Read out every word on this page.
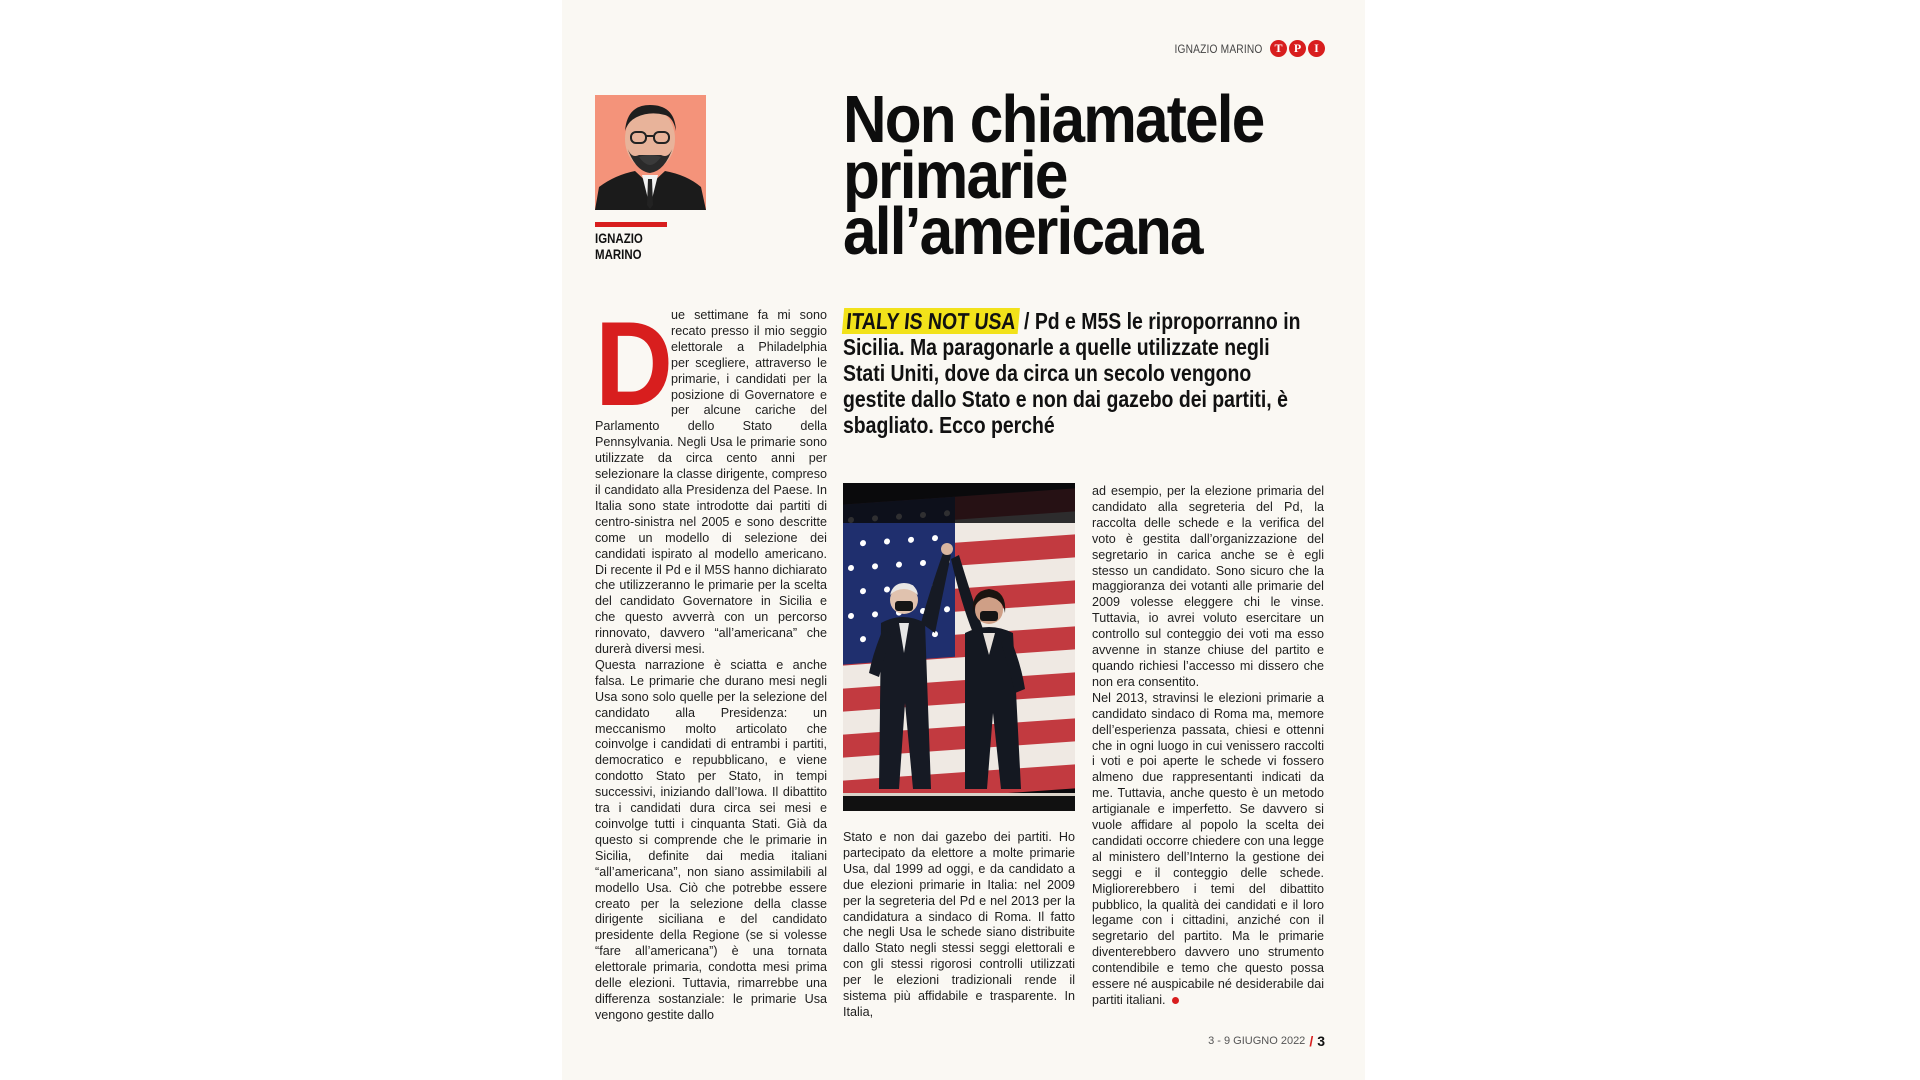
IGNAZIO MARINO	T P	I
IGNAZIO
MARINO
Non chiamatele
primarie
all’americana
ITALY IS NOT USA / Pd e M5S le riproporranno in Sicilia. Ma paragonarle a quelle utilizzate negli Stati Uniti, dove da circa un secolo vengono gestite dallo Stato e non dai gazebo dei partiti, è sbagliato. Ecco perché
D

ue settimane fa mi sono recato presso il mio seggio elettorale a Philadelphia per scegliere, attraverso le primarie, i candidati per la posizione di Governatore e per alcune cariche del Parlamento dello Stato della Pennsylvania. Negli Usa le primarie sono utilizzate da circa cento anni per selezionare la classe dirigente, compreso il candidato alla Presidenza del Paese. In Italia sono state introdotte dai partiti di centro-sinistra nel 2005 e sono descritte come un modello di selezione dei candidati ispirato al modello americano. Di recente il Pd e il M5S hanno dichiarato che utilizzeranno le primarie per la scelta del candidato Governatore in Sicilia e che questo avverrà con un percorso rinnovato, davvero “all’americana” che durerà diversi mesi.

Questa narrazione è sciatta e anche falsa. Le primarie che durano mesi negli Usa sono solo quelle per la selezione del candidato alla Presidenza: un meccanismo molto articolato che coinvolge i candidati di entrambi i partiti, democratico e repubblicano, e viene condotto Stato per Stato, in tempi successivi, iniziando dall’Iowa. Il dibattito tra i candidati dura circa sei mesi e coinvolge tutti i cinquanta Stati. Già da questo si comprende che le primarie in Sicilia, definite dai media italiani “all’americana”, non siano assimilabili al modello Usa. Ciò che potrebbe essere creato per la selezione della classe dirigente siciliana e del candidato presidente della Regione (se si volesse “fare all’americana”) è una tornata elettorale primaria, condotta mesi prima delle elezioni. Tuttavia, rimarrebbe una differenza sostanziale: le primarie Usa vengono gestite dallo

Stato e non dai gazebo dei partiti. Ho partecipato da elettore a molte primarie Usa, dal 1999 ad oggi, e da candidato a due elezioni primarie in Italia: nel 2009 per la segreteria del Pd e nel 2013 per la candidatura a sindaco di Roma. Il fatto che negli Usa le schede siano distribuite dallo Stato negli stessi seggi elettorali e con gli stessi rigorosi controlli utilizzati per le elezioni tradizionali rende il sistema più affidabile e trasparente. In Italia,

ad esempio, per la elezione primaria del candidato alla segreteria del Pd, la raccolta delle schede e la verifica del voto è gestita dall’organizzazione del segretario in carica anche se è egli stesso un candidato. Sono sicuro che la maggioranza dei votanti alle primarie del 2009 volesse eleggere chi le vinse. Tuttavia, io avrei voluto esercitare un controllo sul conteggio dei voti ma esso avvenne in stanze chiuse del partito e quando richiesi l’accesso mi dissero che non era consentito.

Nel 2013, stravinsi le elezioni primarie a candidato sindaco di Roma ma, memore dell’esperienza passata, chiesi e ottenni che in ogni luogo in cui venissero raccolti i voti e poi aperte le schede vi fossero almeno due rappresentanti indicati da me. Tuttavia, anche questo è un metodo artigianale e imperfetto. Se davvero si vuole affidare al popolo la scelta dei candidati occorre chiedere con una legge al ministero dell’Interno la gestione dei seggi e il conteggio delle schede. Migliorerebbero i temi del dibattito pubblico, la qualità dei candidati e il loro legame con i cittadini, anziché con il segretario del partito. Ma le primarie diventerebbero davvero uno strumento contendibile e temo che questo possa essere né auspicabile né desiderabile dai partiti italiani.

3 - 9 GIUGNO 2022 / 3
